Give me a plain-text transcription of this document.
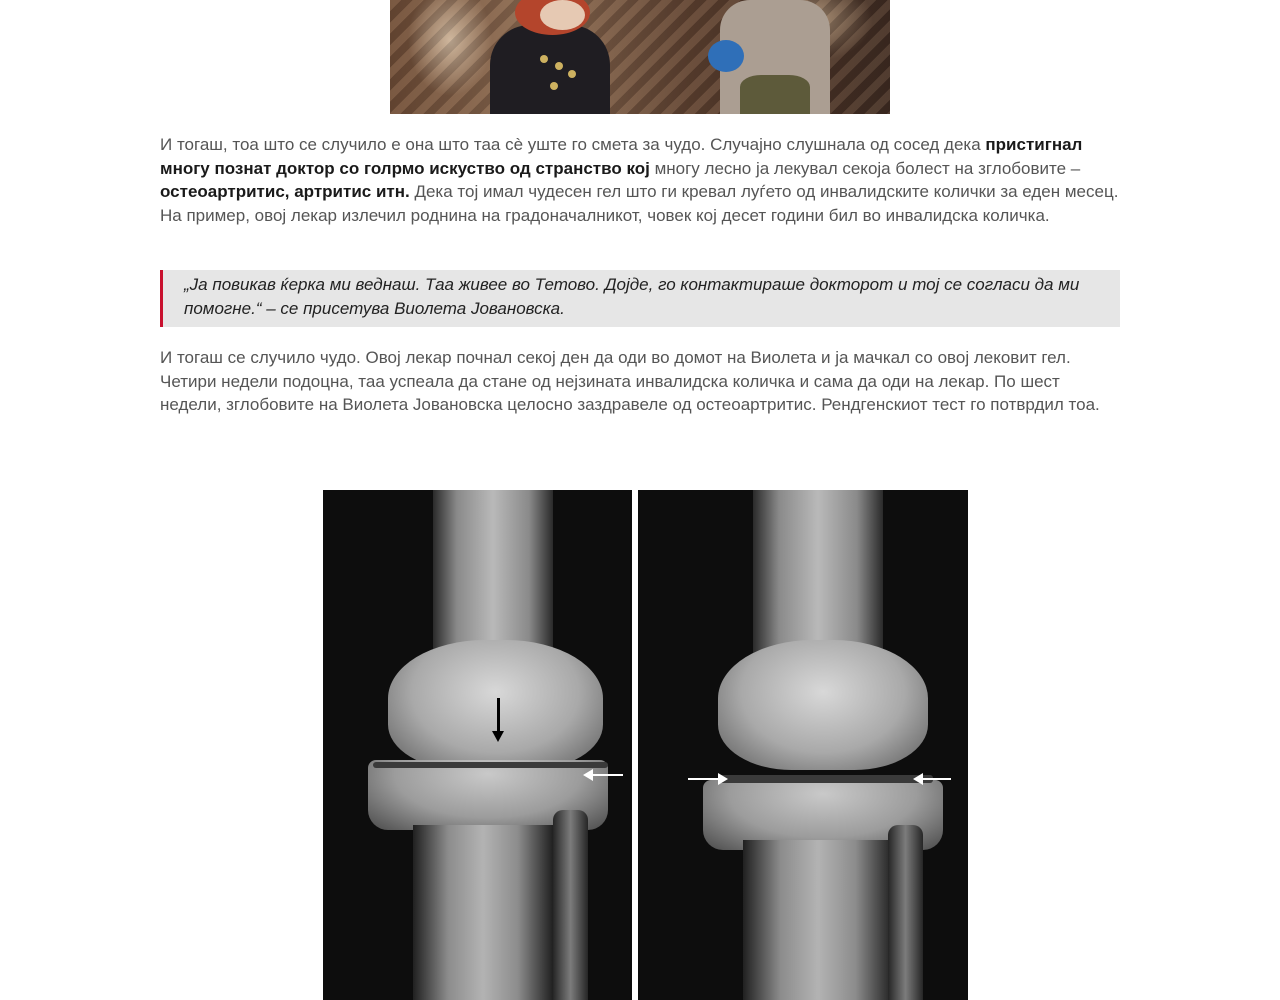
И тогаш, тоа што се случило е она што таа сè уште го смета за чудо. Случајно слушнала од сосед дека пристигнал многу познат доктор со голрмо искуство од странство кој многу лесно ја лекувал секоја болест на зглобовите – остеоартритис, артритис итн. Дека тој имал чудесен гел што ги кревал луѓето од инвалидските колички за еден месец. На пример, овој лекар излечил роднина на градоначалникот, човек кој десет години бил во инвалидска количка.

„Ја повикав ќерка ми веднаш. Таа живее во Тетово. Дојде, го контактираше докторот и тој се согласи да ми помогне.“ – се присетува Виолета Јовановска.

И тогаш се случило чудо. Овој лекар почнал секој ден да оди во домот на Виолета и ја мачкал со овој лековит гел. Четири недели подоцна, таа успеала да стане од нејзината инвалидска количка и сама да оди на лекар. По шест недели, зглобовите на Виолета Јовановска целосно заздравеле од остеоартритис. Рендгенскиот тест го потврдил тоа.
